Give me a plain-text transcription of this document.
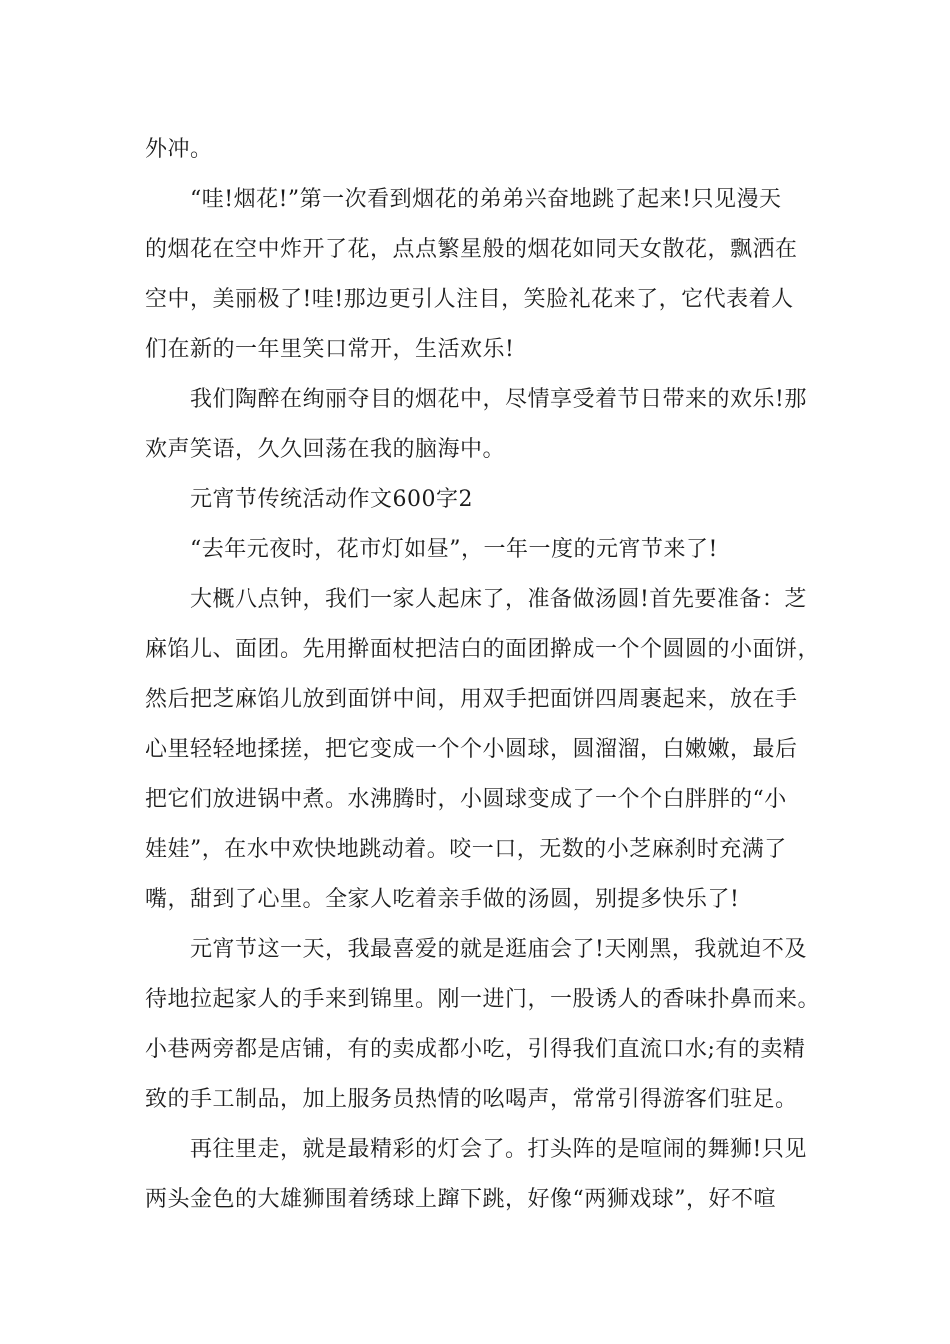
外冲。
“哇!烟花!”第一次看到烟花的弟弟兴奋地跳了起来!只见漫天
的烟花在空中炸开了花，点点繁星般的烟花如同天女散花，飘洒在
空中，美丽极了!哇!那边更引人注目，笑脸礼花来了，它代表着人
们在新的一年里笑口常开，生活欢乐!
我们陶醉在绚丽夺目的烟花中，尽情享受着节日带来的欢乐!那
欢声笑语，久久回荡在我的脑海中。
元宵节传统活动作文600字2
“去年元夜时，花市灯如昼”，一年一度的元宵节来了!
大概八点钟，我们一家人起床了，准备做汤圆!首先要准备：芝
麻馅儿、面团。先用擀面杖把洁白的面团擀成一个个圆圆的小面饼，
然后把芝麻馅儿放到面饼中间，用双手把面饼四周裹起来，放在手
心里轻轻地揉搓，把它变成一个个小圆球，圆溜溜，白嫩嫩，最后
把它们放进锅中煮。水沸腾时，小圆球变成了一个个白胖胖的“小
娃娃”，在水中欢快地跳动着。咬一口，无数的小芝麻刹时充满了
嘴，甜到了心里。全家人吃着亲手做的汤圆，别提多快乐了!
元宵节这一天，我最喜爱的就是逛庙会了!天刚黑，我就迫不及
待地拉起家人的手来到锦里。刚一进门，一股诱人的香味扑鼻而来。
小巷两旁都是店铺，有的卖成都小吃，引得我们直流口水;有的卖精
致的手工制品，加上服务员热情的吆喝声，常常引得游客们驻足。
再往里走，就是最精彩的灯会了。打头阵的是喧闹的舞狮!只见
两头金色的大雄狮围着绣球上蹿下跳，好像“两狮戏球”，好不喧
